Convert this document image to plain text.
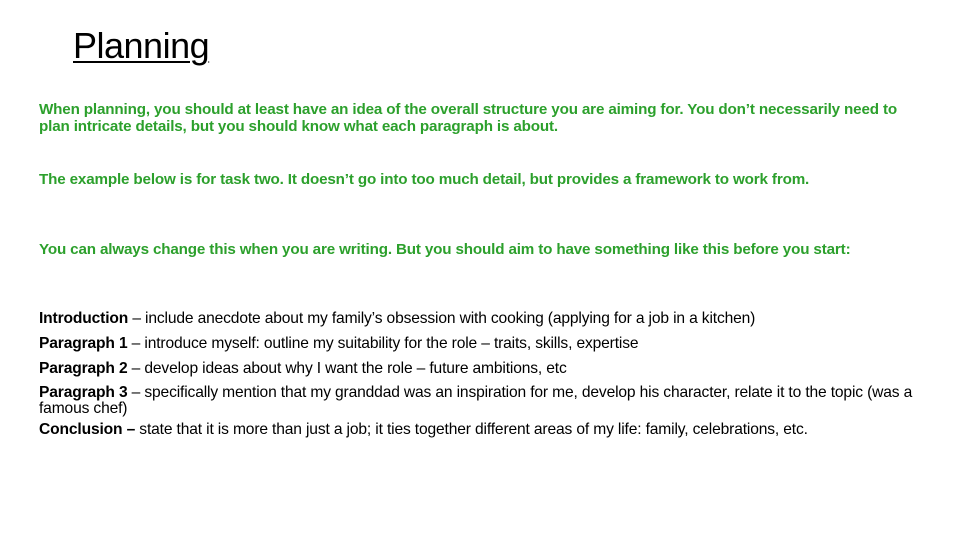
Planning

When planning, you should at least have an idea of the overall structure you are aiming for. You don’t necessarily need to plan intricate details, but you should know what each paragraph is about.

The example below is for task two. It doesn’t go into too much detail, but provides a framework to work from.

You can always change this when you are writing. But you should aim to have something like this before you start:

Introduction – include anecdote about my family’s obsession with cooking (applying for a job in a kitchen)
Paragraph 1 – introduce myself: outline my suitability for the role – traits, skills, expertise
Paragraph 2 – develop ideas about why I want the role – future ambitions, etc
Paragraph 3 – specifically mention that my granddad was an inspiration for me, develop his character, relate it to the topic (was a famous chef)
Conclusion – state that it is more than just a job; it ties together different areas of my life: family, celebrations, etc.
